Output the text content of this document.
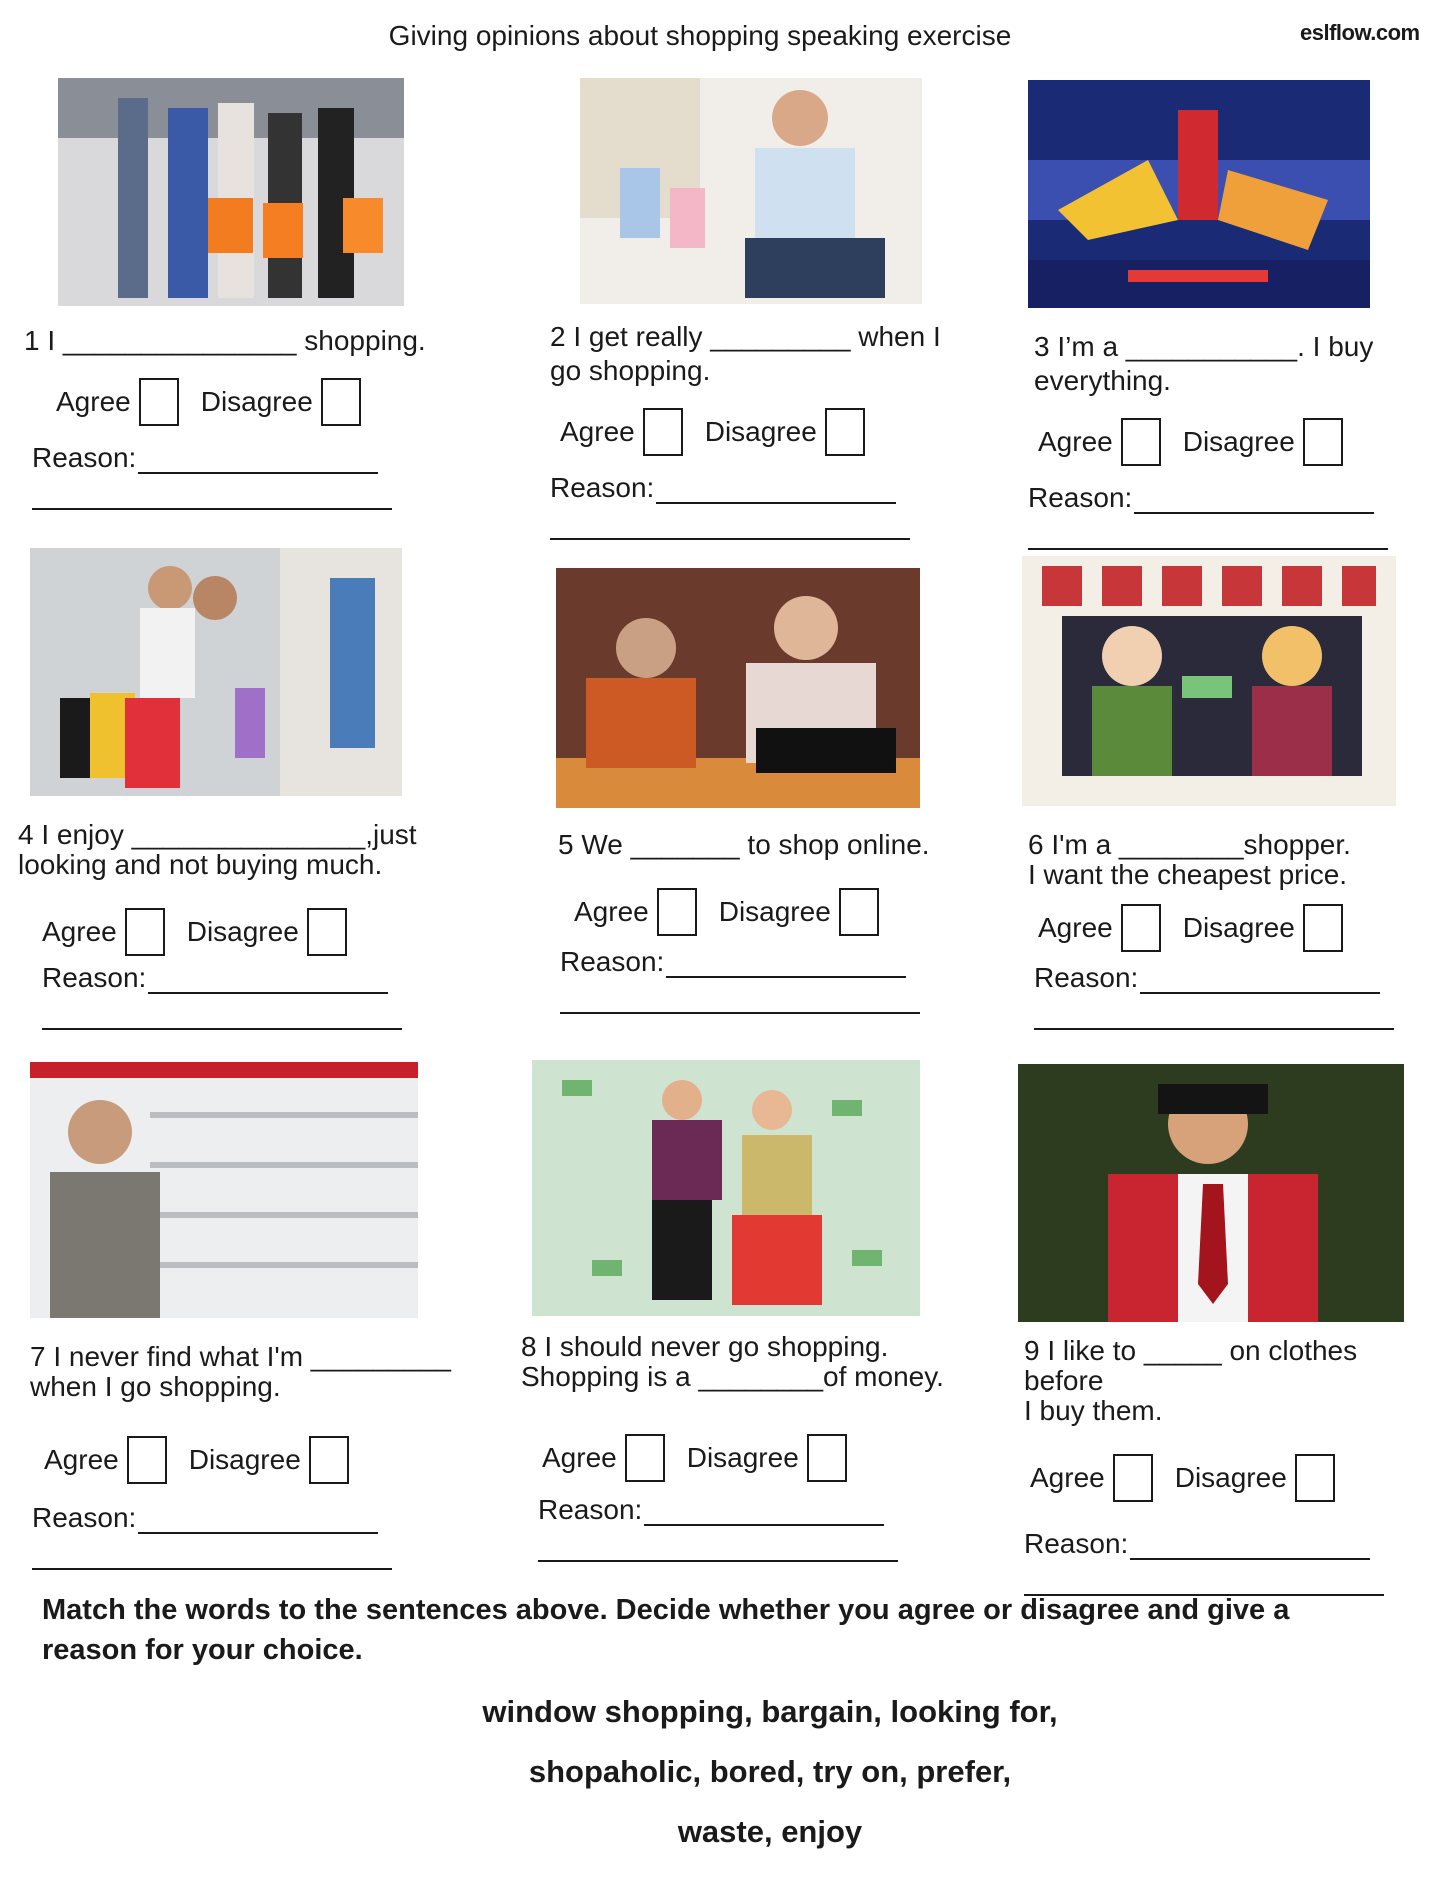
Giving opinions about shopping speaking exercise	eslflow.com
1 I _______________ shopping.
Agree	Disagree
Reason:
2 I get really _________ when I
go shopping.
Agree	Disagree
Reason:
3 I’m a ___________. I buy
everything.
Agree	Disagree
Reason:
4 I enjoy _______________,just
looking and not buying much.
Agree	Disagree
Reason:
5 We _______ to shop online.
Agree	Disagree
Reason:
6 I'm a ________shopper.
I want the cheapest price.
Agree	Disagree
Reason:
7 I never find what I'm _________
when I go shopping.
Agree	Disagree
Reason:
8 I should never go shopping.
Shopping is a ________of money.
Agree	Disagree
Reason:
9 I like to _____ on clothes before
I buy them.
Agree	Disagree
Reason:
Match the words to the sentences above. Decide whether you agree or disagree and give a reason for your choice.
window shopping, bargain, looking for,
shopaholic, bored, try on, prefer,
waste, enjoy
